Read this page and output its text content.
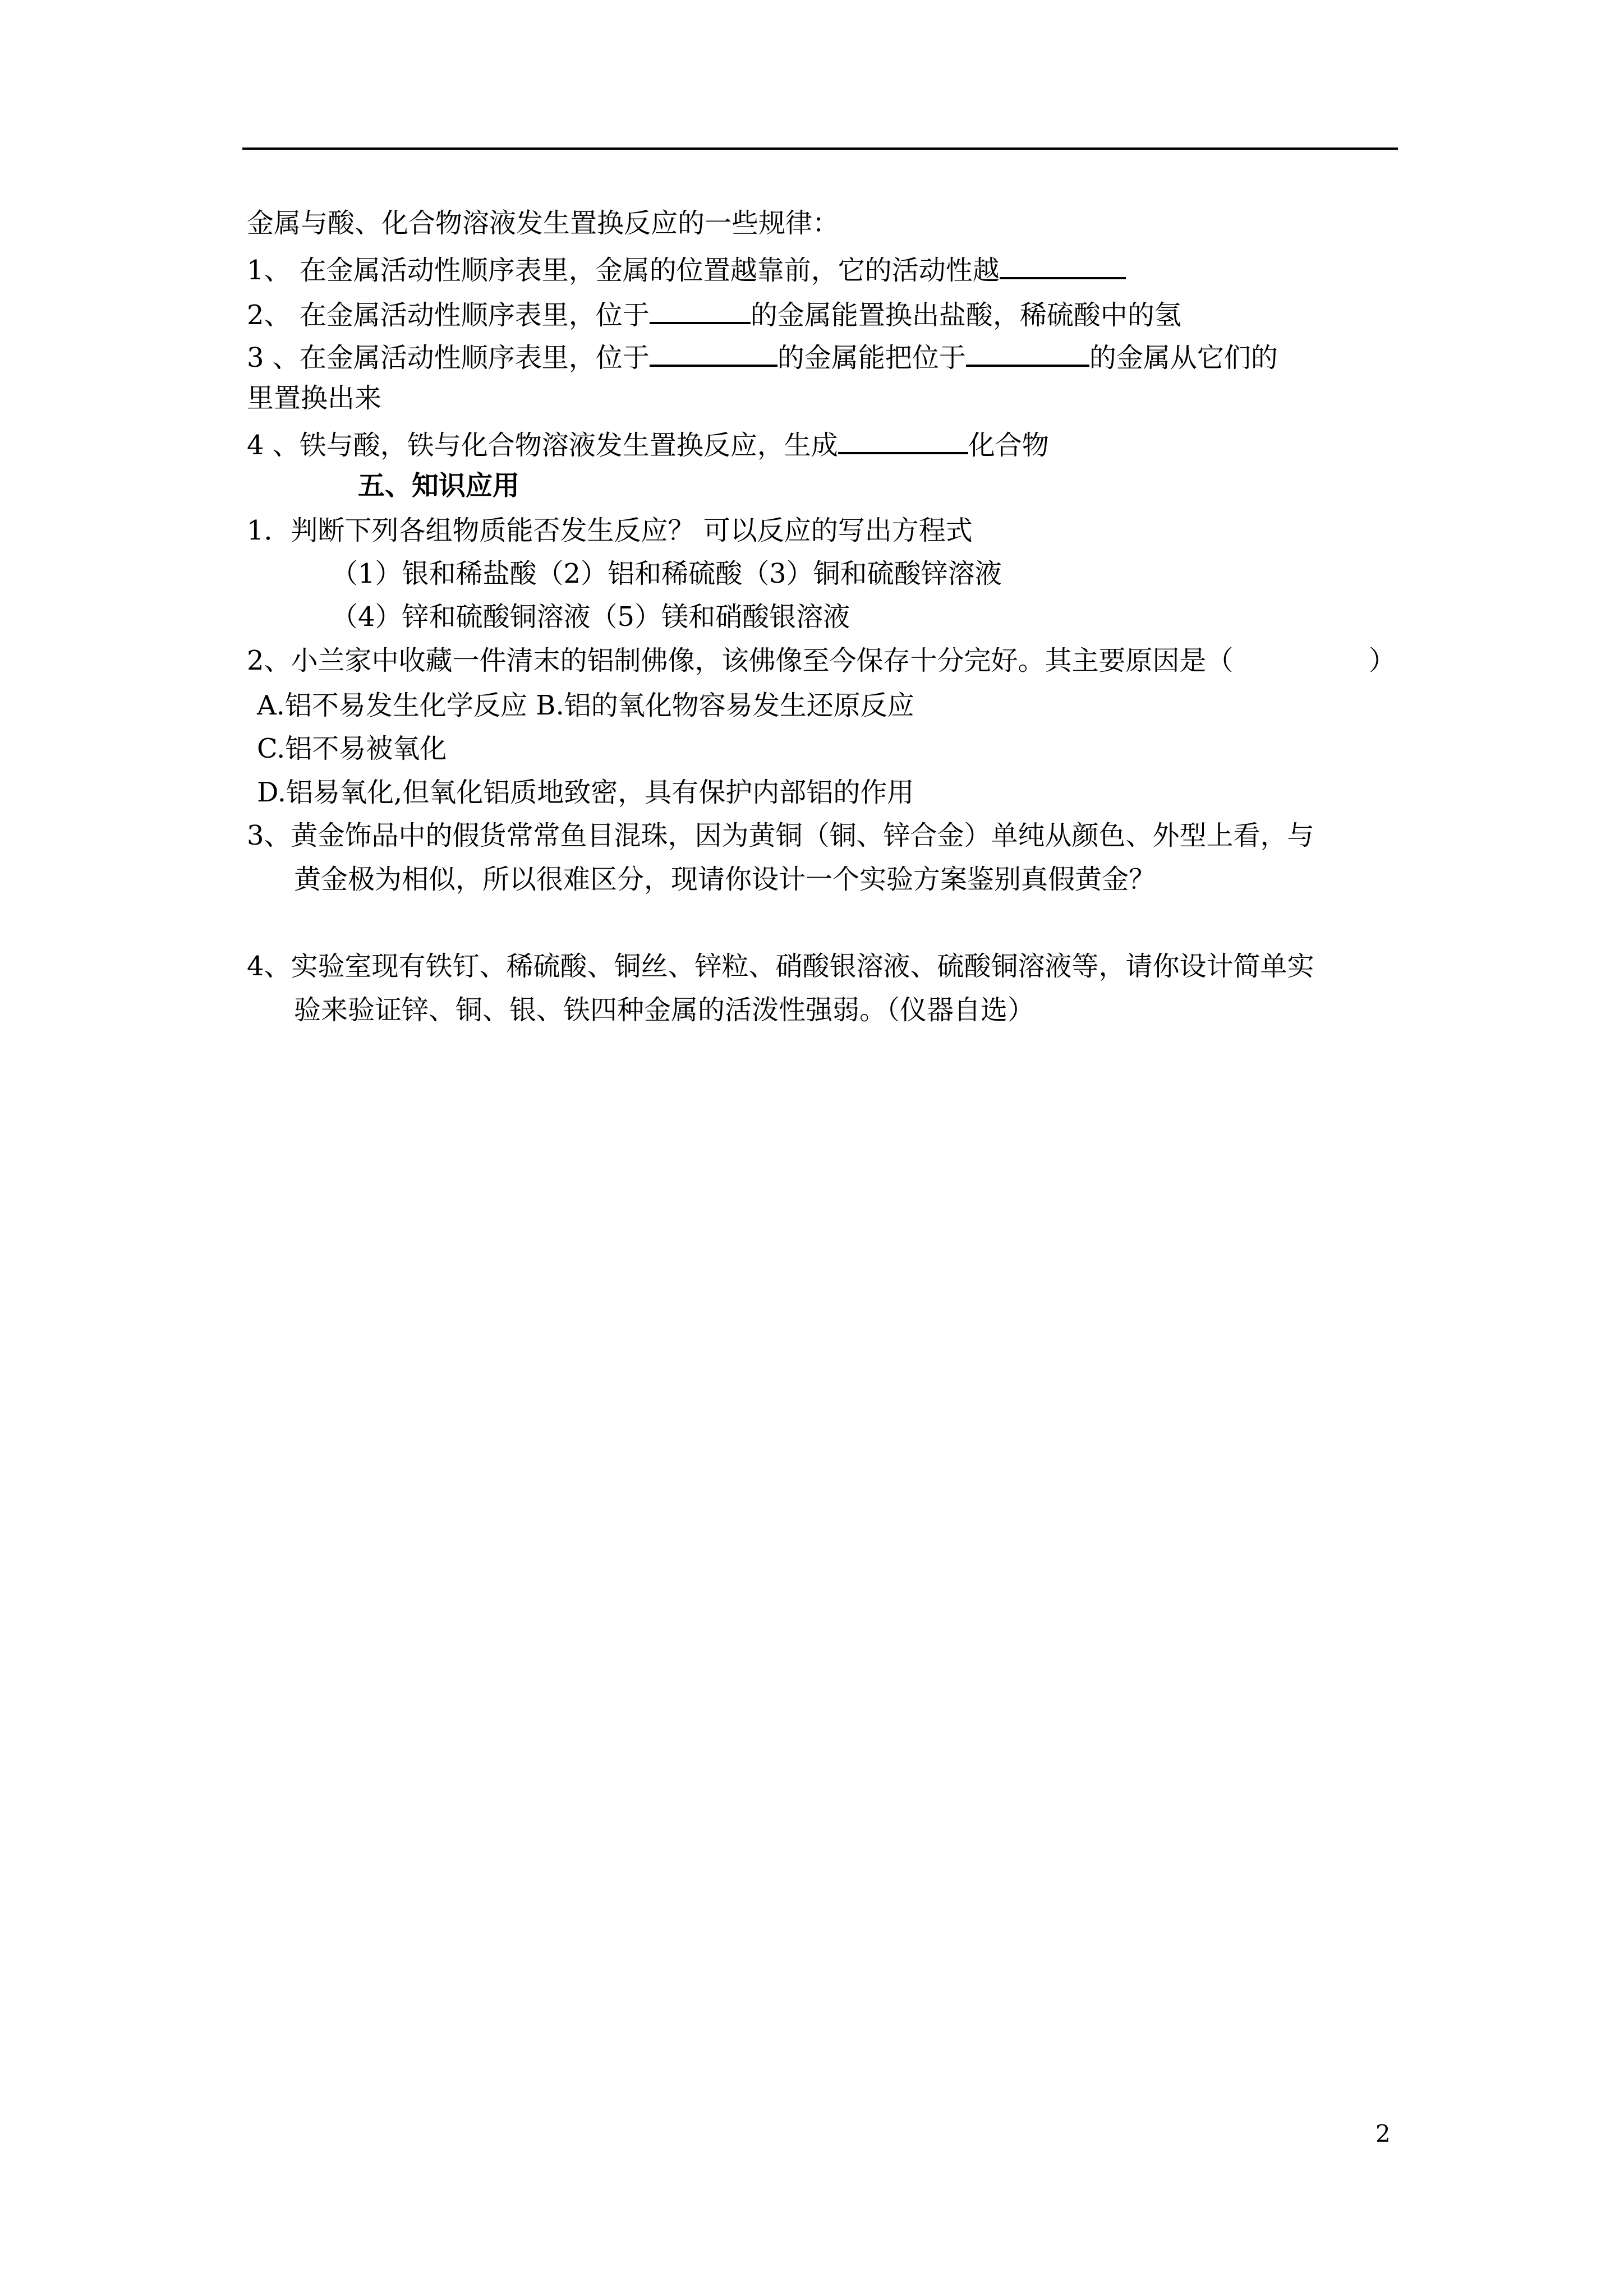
金属与酸、化合物溶液发生置换反应的一些规律：
1、 在金属活动性顺序表里，金属的位置越靠前，它的活动性越
2、 在金属活动性顺序表里，位于	的金属能置换出盐酸，稀硫酸中的氢
3 、在金属活动性顺序表里，位于	的金属能把位于	的金属从它们的
里置换出来
4 、铁与酸，铁与化合物溶液发生置换反应，生成	化合物
五、知识应用
1．判断下列各组物质能否发生反应？ 可以反应的写出方程式
（1）银和稀盐酸（2）铝和稀硫酸（3）铜和硫酸锌溶液
（4）锌和硫酸铜溶液（5）镁和硝酸银溶液
2、小兰家中收藏一件清末的铝制佛像，该佛像至今保存十分完好。其主要原因是（	）
A.铝不易发生化学反应 B.铝的氧化物容易发生还原反应
C.铝不易被氧化
D.铝易氧化,但氧化铝质地致密，具有保护内部铝的作用
3、黄金饰品中的假货常常鱼目混珠，因为黄铜（铜、锌合金）单纯从颜色、外型上看，与
黄金极为相似，所以很难区分，现请你设计一个实验方案鉴别真假黄金？
4、实验室现有铁钉、稀硫酸、铜丝、锌粒、硝酸银溶液、硫酸铜溶液等，请你设计简单实
验来验证锌、铜、银、铁四种金属的活泼性强弱。（仪器自选）
2
